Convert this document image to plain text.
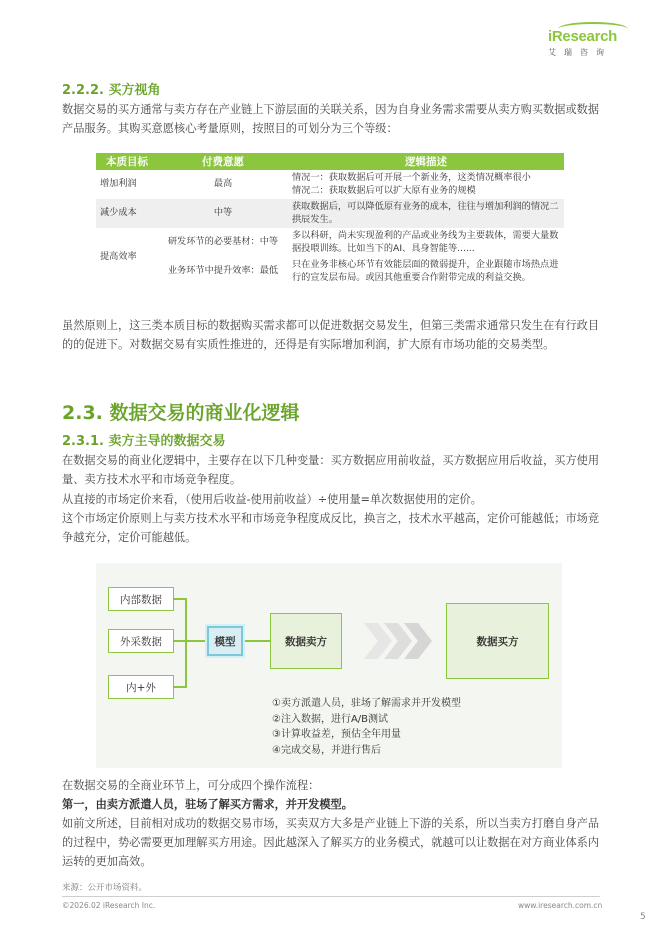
iResearch
艾瑞咨询
2.2.2. 买方视角
数据交易的买方通常与卖方存在产业链上下游层面的关联关系，因为自身业务需求需要从卖方购买数据或数据产品服务。其购买意愿核心考量原则，按照目的可划分为三个等级：
本质目标	付费意愿	逻辑描述
增加利润	最高	情况一：获取数据后可开展一个新业务，这类情况概率很小
情况二：获取数据后可以扩大原有业务的规模

减少成本	中等	获取数据后，可以降低原有业务的成本，往往与增加利润的情况二拱辰发生。
提高效率	研发环节的必要基材：中等	多以科研，尚未实现盈利的产品或业务线为主要载体，需要大量数据投喂训练。比如当下的AI、具身智能等......
	业务环节中提升效率：最低	只在业务非核心环节有效能层面的微弱提升，企业跟随市场热点进行的宣发层布局。或因其他重要合作附带完成的利益交换。
虽然原则上，这三类本质目标的数据购买需求都可以促进数据交易发生，但第三类需求通常只发生在有行政目的的促进下。对数据交易有实质性推进的，还得是有实际增加利润，扩大原有市场功能的交易类型。
2.3. 数据交易的商业化逻辑
2.3.1. 卖方主导的数据交易
在数据交易的商业化逻辑中，主要存在以下几种变量：买方数据应用前收益，买方数据应用后收益，买方使用量、卖方技术水平和市场竞争程度。
从直接的市场定价来看，（使用后收益-使用前收益）÷使用量=单次数据使用的定价。
这个市场定价原则上与卖方技术水平和市场竞争程度成反比，换言之，技术水平越高，定价可能越低；市场竞争越充分，定价可能越低。
内部数据
外采数据
内+外
模型	数据卖方	数据买方
①卖方派遣人员，驻场了解需求并开发模型
②注入数据，进行A/B测试
③计算收益差，预估全年用量
④完成交易，并进行售后
在数据交易的全商业环节上，可分成四个操作流程：
第一，由卖方派遣人员，驻场了解买方需求，并开发模型。
如前文所述，目前相对成功的数据交易市场，买卖双方大多是产业链上下游的关系，所以当卖方打磨自身产品的过程中，势必需要更加理解买方用途。因此越深入了解买方的业务模式，就越可以让数据在对方商业体系内运转的更加高效。
来源：公开市场资料。
©2026.02 iResearch Inc.	www.iresearch.com.cn
5
